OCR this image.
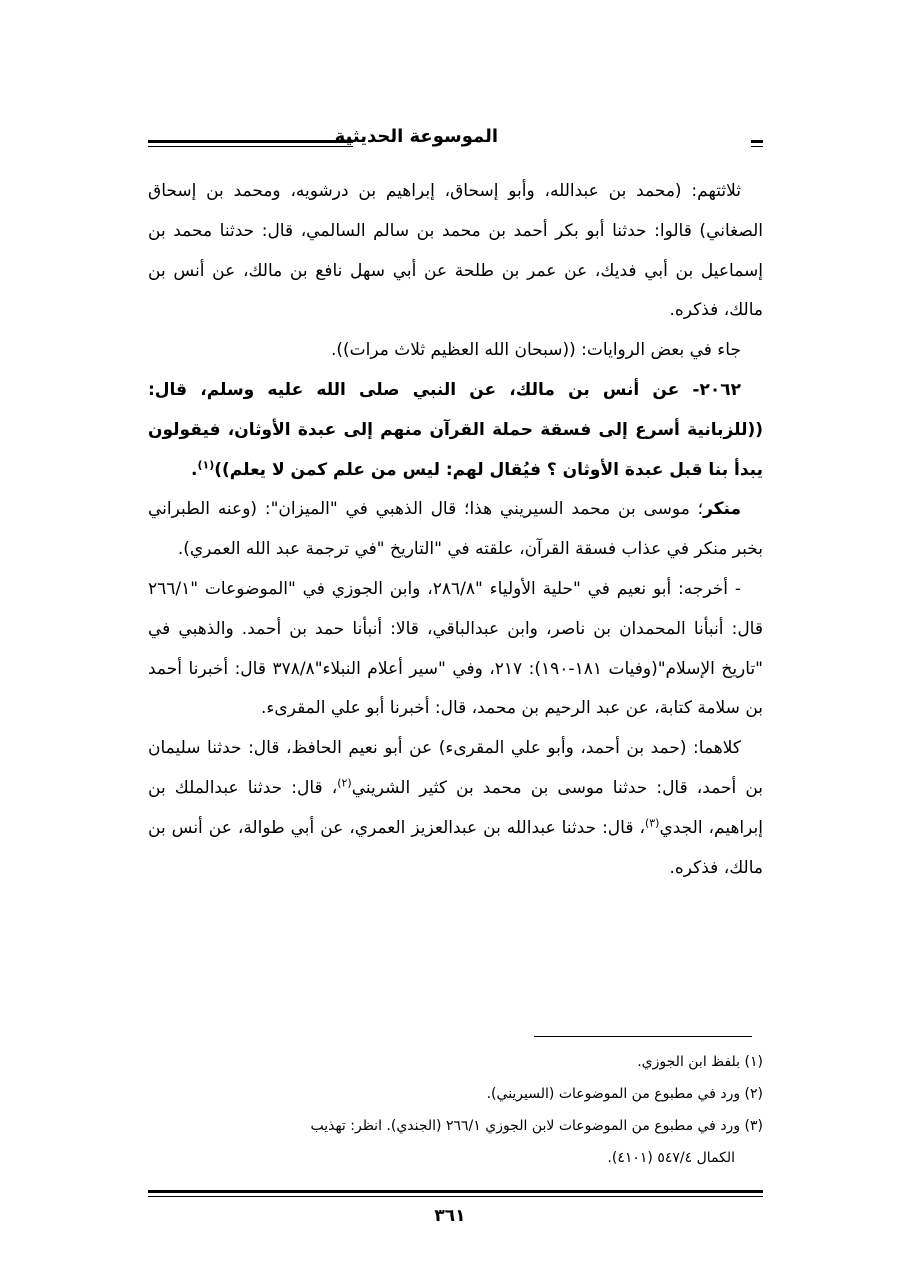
الموسوعة الحديثية

ثلاثتهم: (محمد بن عبدالله، وأبو إسحاق، إبراهيم بن درشويه، ومحمد بن إسحاق الصغاني) قالوا: حدثنا أبو بكر أحمد بن محمد بن سالم السالمي، قال: حدثنا محمد بن إسماعيل بن أبي فديك، عن عمر بن طلحة عن أبي سهل نافع بن مالك، عن أنس بن مالك، فذكره.

جاء في بعض الروايات: ((سبحان الله العظيم ثلاث مرات)).

٢٠٦٢- عن أنس بن مالك، عن النبي صلى الله عليه وسلم، قال: ((للزبانية أسرع إلى فسقة حملة القرآن منهم إلى عبدة الأوثان، فيقولون يبدأ بنا قبل عبدة الأوثان ؟ فيُقال لهم: ليس من علم كمن لا يعلم))$^{(١)}$.

منكر؛ موسى بن محمد السيريني هذا؛ قال الذهبي في "الميزان": (وعنه الطبراني بخبر منكر في عذاب فسقة القرآن، علقته في "التاريخ "في ترجمة عبد الله العمري).

- أخرجه: أبو نعيم في "حلية الأولياء "٢٨٦/٨، وابن الجوزي في "الموضوعات "٢٦٦/١ قال: أنبأنا المحمدان بن ناصر، وابن عبدالباقي، قالا: أنبأنا حمد بن أحمد. والذهبي في "تاريخ الإسلام"(وفيات ١٨١-١٩٠): ٢١٧، وفي "سير أعلام النبلاء"٣٧٨/٨ قال: أخبرنا أحمد بن سلامة كتابة، عن عبد الرحيم بن محمد، قال: أخبرنا أبو علي المقرىء.

كلاهما: (حمد بن أحمد، وأبو علي المقرىء) عن أبو نعيم الحافظ، قال: حدثنا سليمان بن أحمد، قال: حدثنا موسى بن محمد بن كثير الشريني$^{(٢)}$، قال: حدثنا عبدالملك بن إبراهيم، الجدي$^{(٣)}$، قال: حدثنا عبدالله بن عبدالعزيز العمري، عن أبي طوالة، عن أنس بن مالك، فذكره.

(١) بلفظ ابن الجوزي.

(٢) ورد في مطبوع من الموضوعات (السيريني).

(٣) ورد في مطبوع من الموضوعات لابن الجوزي ٢٦٦/١ (الجندي). انظر: تهذيب

الكمال ٥٤٧/٤ (٤١٠١).

٣٦١
